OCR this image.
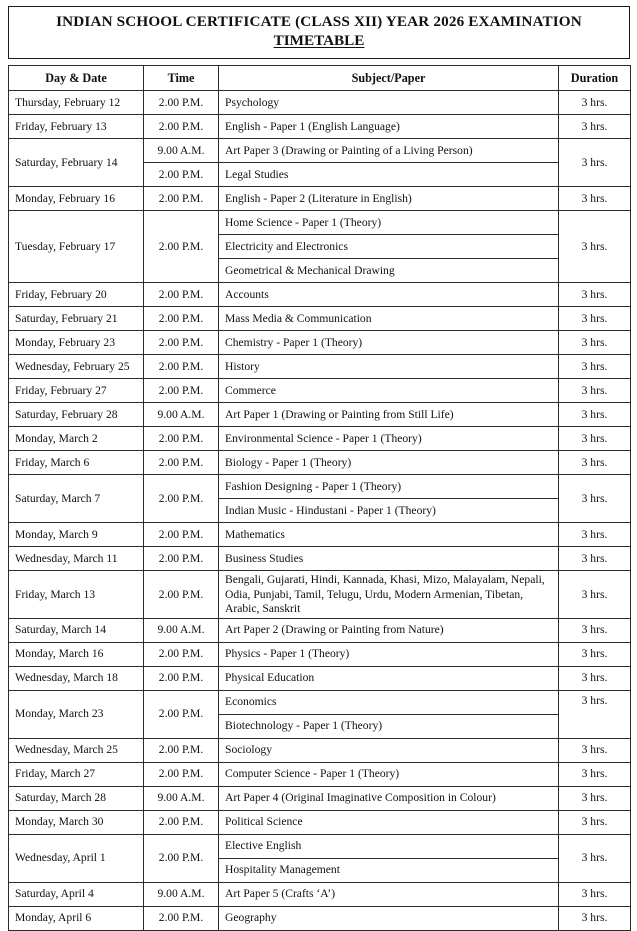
INDIAN SCHOOL CERTIFICATE (CLASS XII) YEAR 2026 EXAMINATION
TIMETABLE
Day & Date	Time	Subject/Paper	Duration
Thursday, February 12	2.00 P.M.	Psychology	3 hrs.
Friday, February 13	2.00 P.M.	English - Paper 1 (English Language)	3 hrs.
Saturday, February 14	9.00 A.M.	Art Paper 3 (Drawing or Painting of a Living Person)	3 hrs.
	2.00 P.M.	Legal Studies	
Monday, February 16	2.00 P.M.	English - Paper 2 (Literature in English)	3 hrs.
Tuesday, February 17	2.00 P.M.	Home Science - Paper 1 (Theory)	3 hrs.
		Electricity and Electronics	
		Geometrical & Mechanical Drawing	
Friday, February 20	2.00 P.M.	Accounts	3 hrs.
Saturday, February 21	2.00 P.M.	Mass Media & Communication	3 hrs.
Monday, February 23	2.00 P.M.	Chemistry - Paper 1 (Theory)	3 hrs.
Wednesday, February 25	2.00 P.M.	History	3 hrs.
Friday, February 27	2.00 P.M.	Commerce	3 hrs.
Saturday, February 28	9.00 A.M.	Art Paper 1 (Drawing or Painting from Still Life)	3 hrs.
Monday, March 2	2.00 P.M.	Environmental Science - Paper 1 (Theory)	3 hrs.
Friday, March 6	2.00 P.M.	Biology - Paper 1 (Theory)	3 hrs.
Saturday, March 7	2.00 P.M.	Fashion Designing - Paper 1 (Theory)	3 hrs.
		Indian Music - Hindustani - Paper 1 (Theory)	
Monday, March 9	2.00 P.M.	Mathematics	3 hrs.
Wednesday, March 11	2.00 P.M.	Business Studies	3 hrs.
Friday, March 13	2.00 P.M.	Bengali, Gujarati, Hindi, Kannada, Khasi, Mizo, Malayalam, Nepali, Odia, Punjabi, Tamil, Telugu, Urdu, Modern Armenian, Tibetan, Arabic, Sanskrit	3 hrs.
Saturday, March 14	9.00 A.M.	Art Paper 2 (Drawing or Painting from Nature)	3 hrs.
Monday, March 16	2.00 P.M.	Physics - Paper 1 (Theory)	3 hrs.
Wednesday, March 18	2.00 P.M.	Physical Education	3 hrs.
Monday, March 23	2.00 P.M.	Economics	3 hrs.
		Biotechnology - Paper 1 (Theory)	
Wednesday, March 25	2.00 P.M.	Sociology	3 hrs.
Friday, March 27	2.00 P.M.	Computer Science - Paper 1 (Theory)	3 hrs.
Saturday, March 28	9.00 A.M.	Art Paper 4 (Original Imaginative Composition in Colour)	3 hrs.
Monday, March 30	2.00 P.M.	Political Science	3 hrs.
Wednesday, April 1	2.00 P.M.	Elective English	3 hrs.
		Hospitality Management	
Saturday, April 4	9.00 A.M.	Art Paper 5 (Crafts ‘A’)	3 hrs.
Monday, April 6	2.00 P.M.	Geography	3 hrs.
